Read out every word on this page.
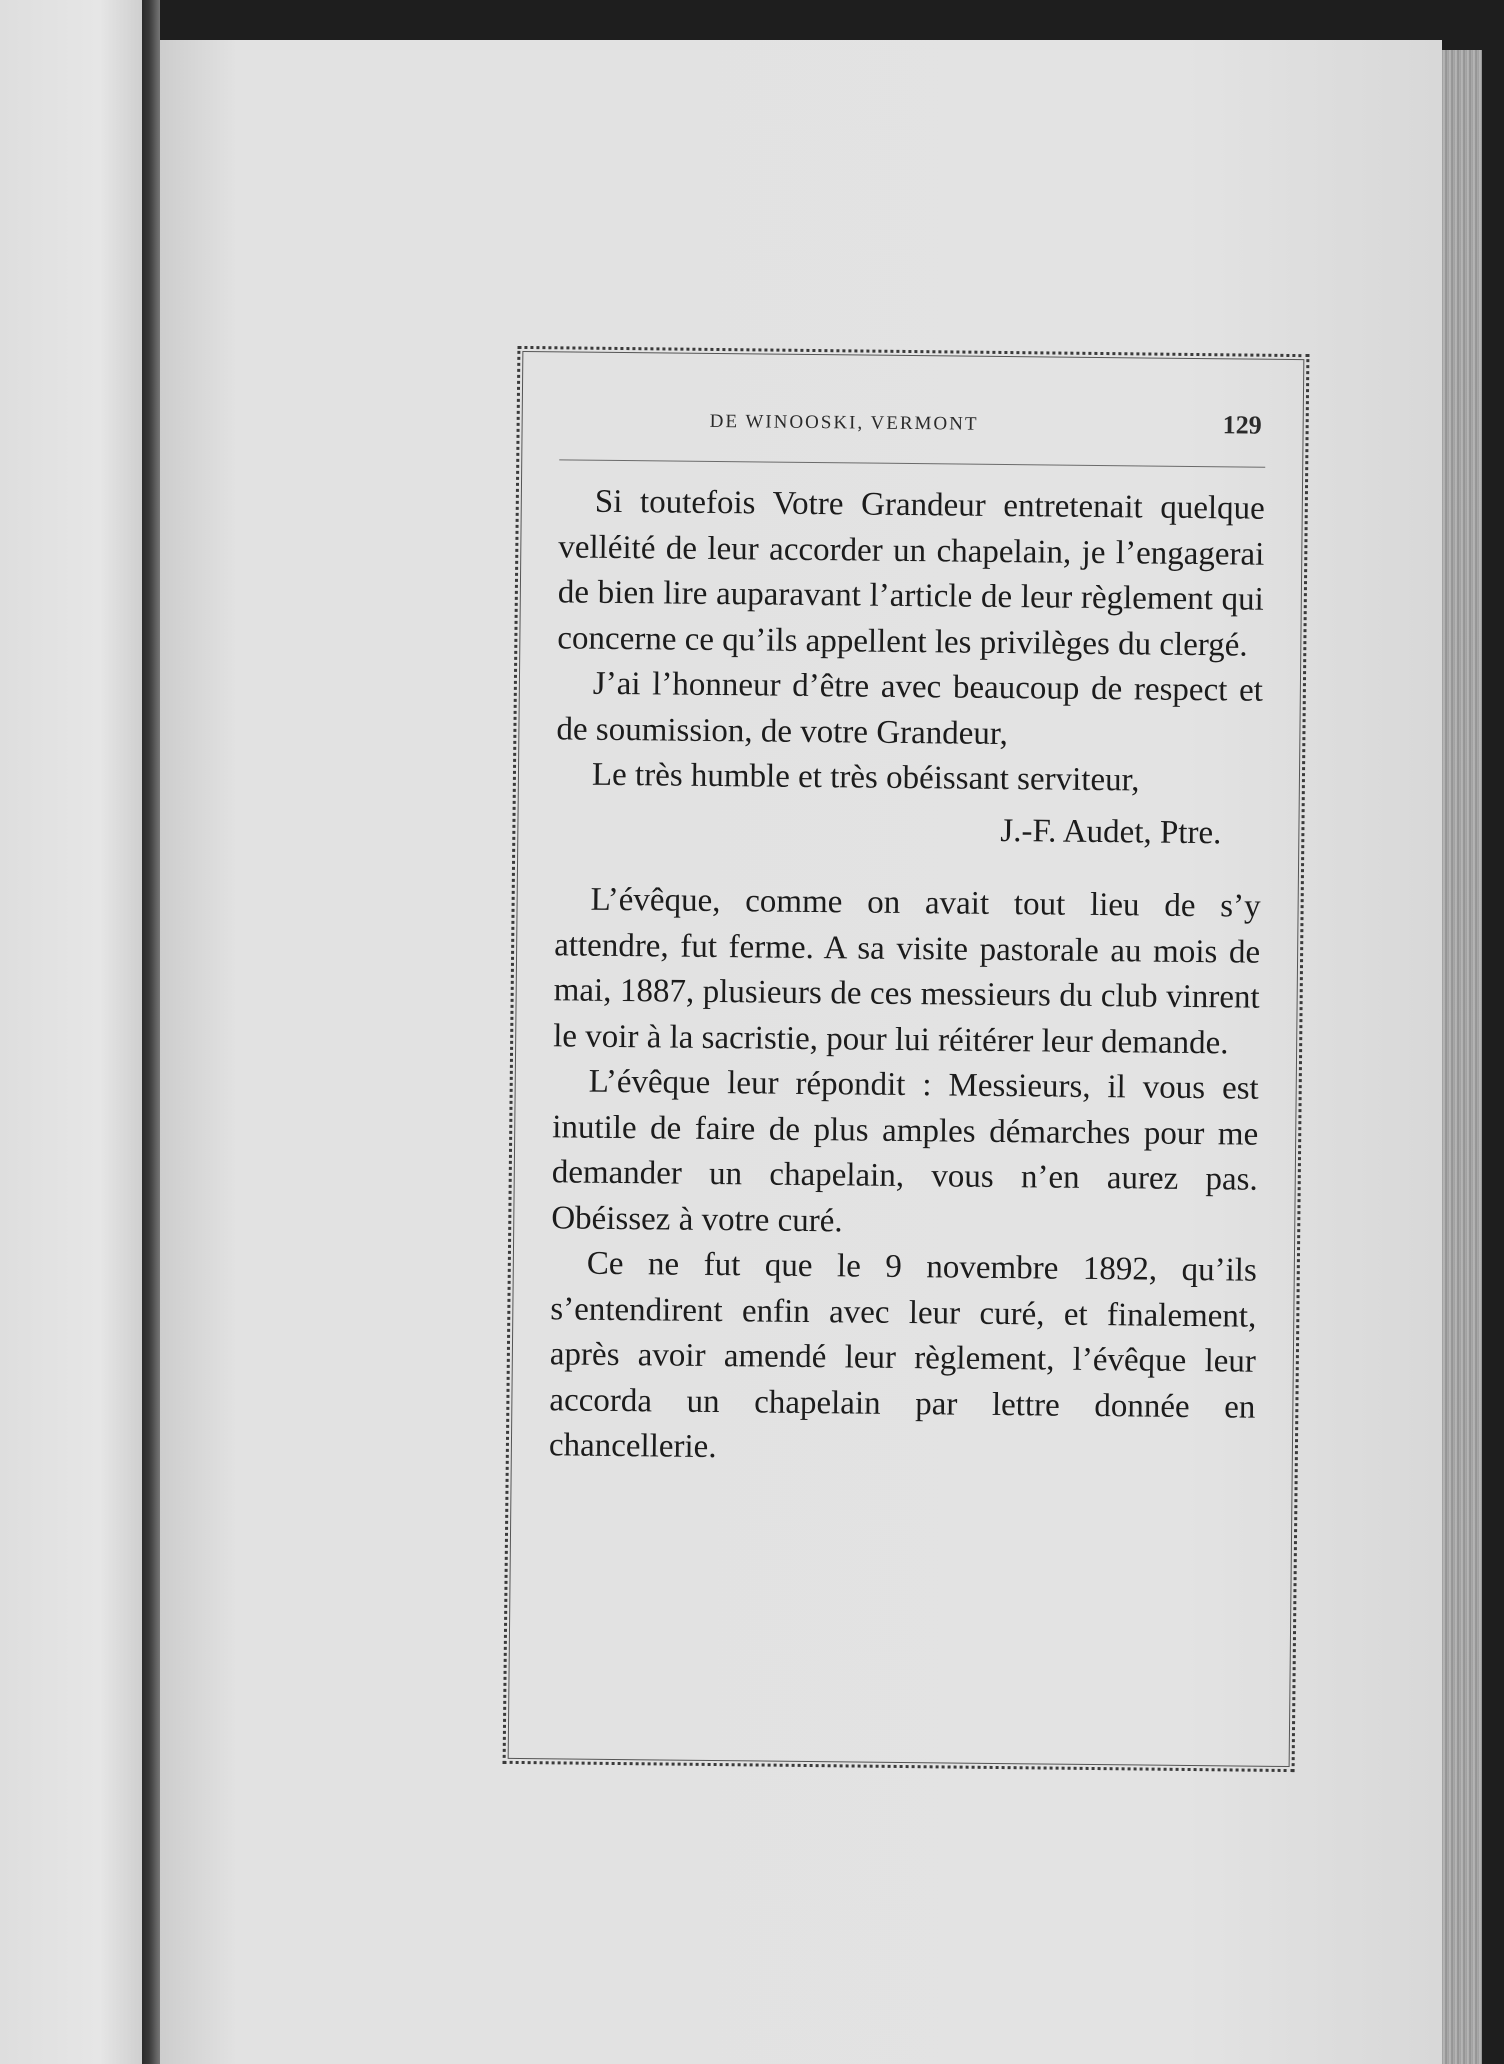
DE WINOOSKI, VERMONT	129

Si toutefois Votre Grandeur entretenait quelque velléité de leur accorder un chapelain, je l’engagerai de bien lire auparavant l’article de leur règlement qui concerne ce qu’ils appellent les privilèges du clergé.

J’ai l’honneur d’être avec beaucoup de respect et de soumission, de votre Grandeur,

Le très humble et très obéissant serviteur,

J.-F. Audet, Ptre.

L’évêque, comme on avait tout lieu de s’y attendre, fut ferme. A sa visite pastorale au mois de mai, 1887, plusieurs de ces messieurs du club vinrent le voir à la sacristie, pour lui réitérer leur demande.

L’évêque leur répondit : Messieurs, il vous est inutile de faire de plus amples démarches pour me demander un chapelain, vous n’en aurez pas. Obéissez à votre curé.

Ce ne fut que le 9 novembre 1892, qu’ils s’entendirent enfin avec leur curé, et finalement, après avoir amendé leur règlement, l’évêque leur accorda un chapelain par lettre donnée en chancellerie.
